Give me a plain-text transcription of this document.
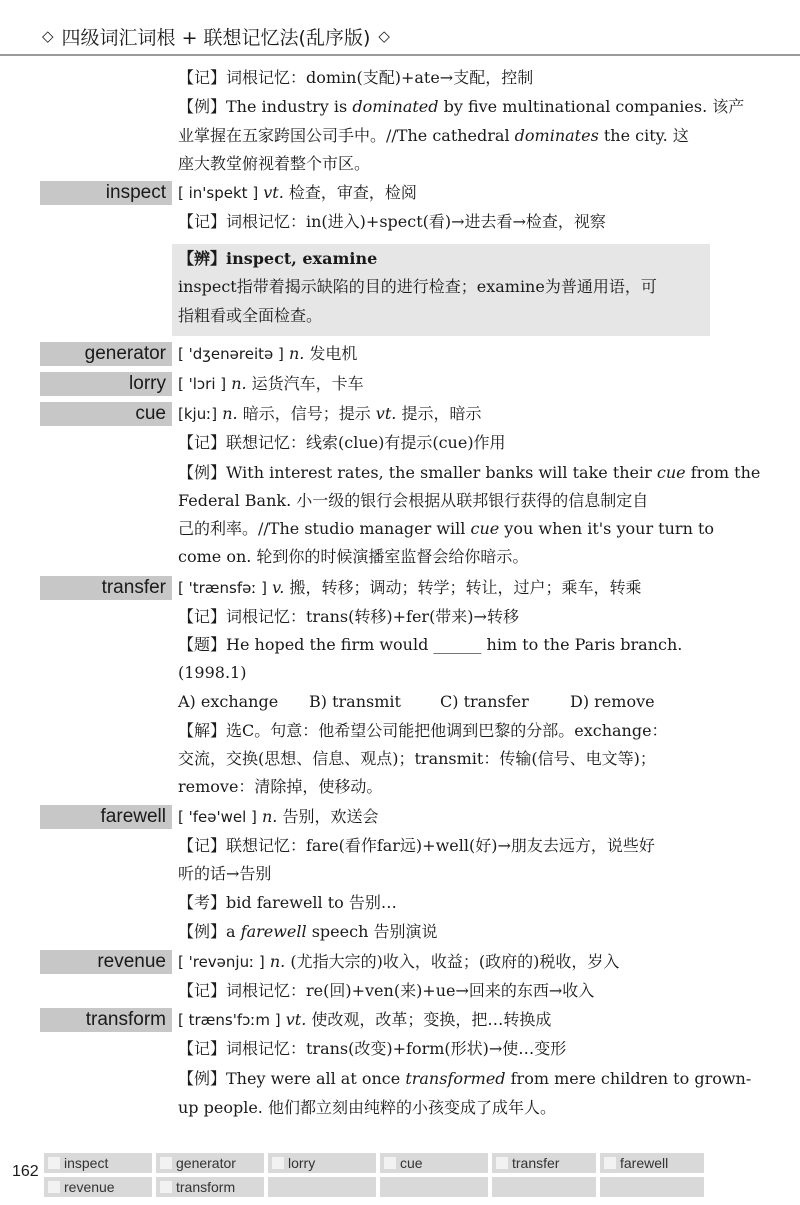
◇ 四级词汇词根 + 联想记忆法(乱序版) ◇
【记】词根记忆：domin(支配)+ate→支配，控制
【例】The industry is dominated by five multinational companies. 该产
业掌握在五家跨国公司手中。//The cathedral dominates the city. 这
座大教堂俯视着整个市区。
inspect [ in'spekt ] vt. 检查，审查，检阅
【记】词根记忆：in(进入)+spect(看)→进去看→检查，视察
【辨】inspect, examine
inspect指带着揭示缺陷的目的进行检查；examine为普通用语，可
指粗看或全面检查。
generator [ 'dʒenəreitə ] n. 发电机
lorry [ 'lɔri ] n. 运货汽车，卡车
cue [kjuː] n. 暗示，信号；提示 vt. 提示，暗示
【记】联想记忆：线索(clue)有提示(cue)作用
【例】With interest rates, the smaller banks will take their cue from the
Federal Bank. 小一级的银行会根据从联邦银行获得的信息制定自
己的利率。//The studio manager will cue you when it's your turn to
come on. 轮到你的时候演播室监督会给你暗示。
transfer [ 'trænsfəː ] v. 搬，转移；调动；转学；转让，过户；乘车，转乘
【记】词根记忆：trans(转移)+fer(带来)→转移
【题】He hoped the firm would ______ him to the Paris branch.
(1998.1)
A) exchange	B) transmit	C) transfer	D) remove
【解】选C。句意：他希望公司能把他调到巴黎的分部。exchange：
交流，交换(思想、信息、观点)；transmit：传输(信号、电文等)；
remove：清除掉，使移动。
farewell [ 'feə'wel ] n. 告别，欢送会
【记】联想记忆：fare(看作far远)+well(好)→朋友去远方，说些好
听的话→告别
【考】bid farewell to 告别…
【例】a farewell speech 告别演说
revenue [ 'revənjuː ] n. (尤指大宗的)收入，收益；(政府的)税收，岁入
【记】词根记忆：re(回)+ven(来)+ue→回来的东西→收入
transform [ træns'fɔːm ] vt. 使改观，改革；变换，把…转换成
【记】词根记忆：trans(改变)+form(形状)→使…变形
【例】They were all at once transformed from mere children to grown-
up people. 他们都立刻由纯粹的小孩变成了成年人。
162	inspect	generator	lorry	cue	transfer	farewell
revenue	transform
